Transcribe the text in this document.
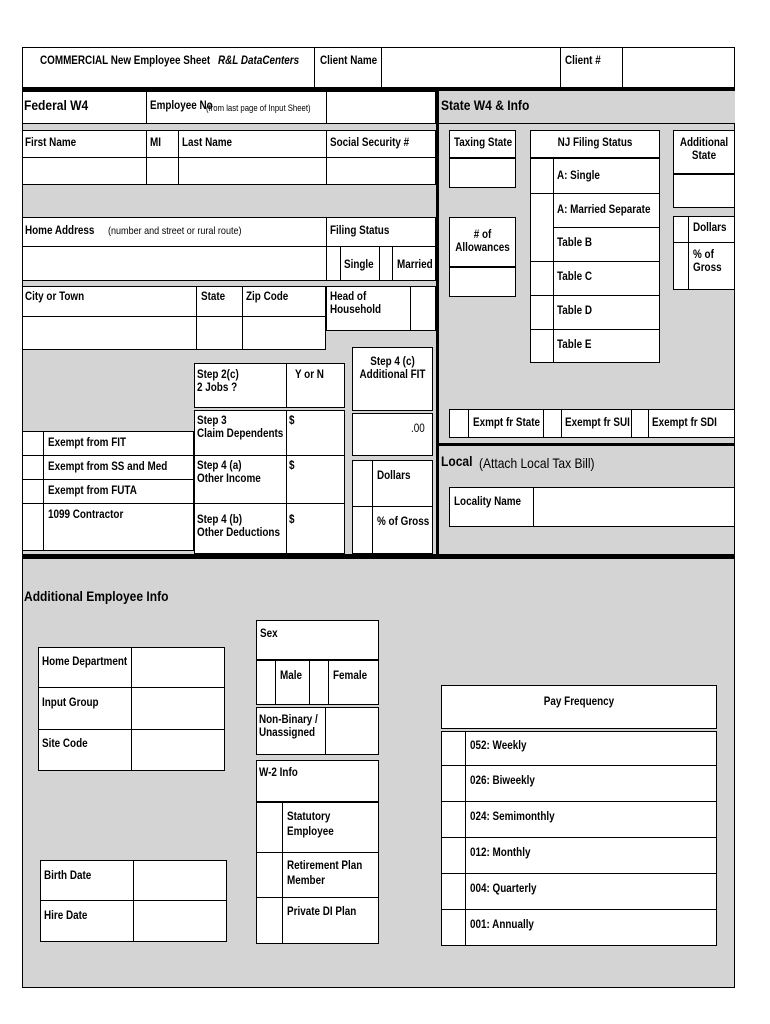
COMMERCIAL New Employee Sheet R&L DataCenters Client Name	Client #
Federal W4	Employee No
(from last page of Input Sheet)
First Name	MI Last Name	Social Security #
Home Address (number and street or rural route)	Filing Status
Single Married
City or Town	State Zip Code	Head of
Household
Step 2(c)
2 Jobs ?
Y or N
Step 4 (c)
Additional FIT
Step 3
Claim Dependents
$
Step 4 (a)
Other Income
$
Step 4 (b)
Other Deductions
$
.00
Dollars
% of Gross
Exempt from FIT
Exempt from SS and Med
Exempt from FUTA
1099 Contractor
State W4 & Info
Taxing State	NJ Filing Status
A: Single
A: Married Separate
Table B
Table C
Table D
Table E
# of
Allowances
Additional
State
Dollars
% of
Gross
Exmpt fr State Exempt fr SUI Exempt fr SDI
Local (Attach Local Tax Bill)
Locality Name
Additional Employee Info
Home Department
Input Group
Site Code
Birth Date
Hire Date
Sex
Male	Female
Non-Binary /
Unassigned
W-2 Info
Statutory
Employee
Retirement Plan
Member
Private DI Plan
Pay Frequency
052: Weekly
026: Biweekly
024: Semimonthly
012: Monthly
004: Quarterly
001: Annually
